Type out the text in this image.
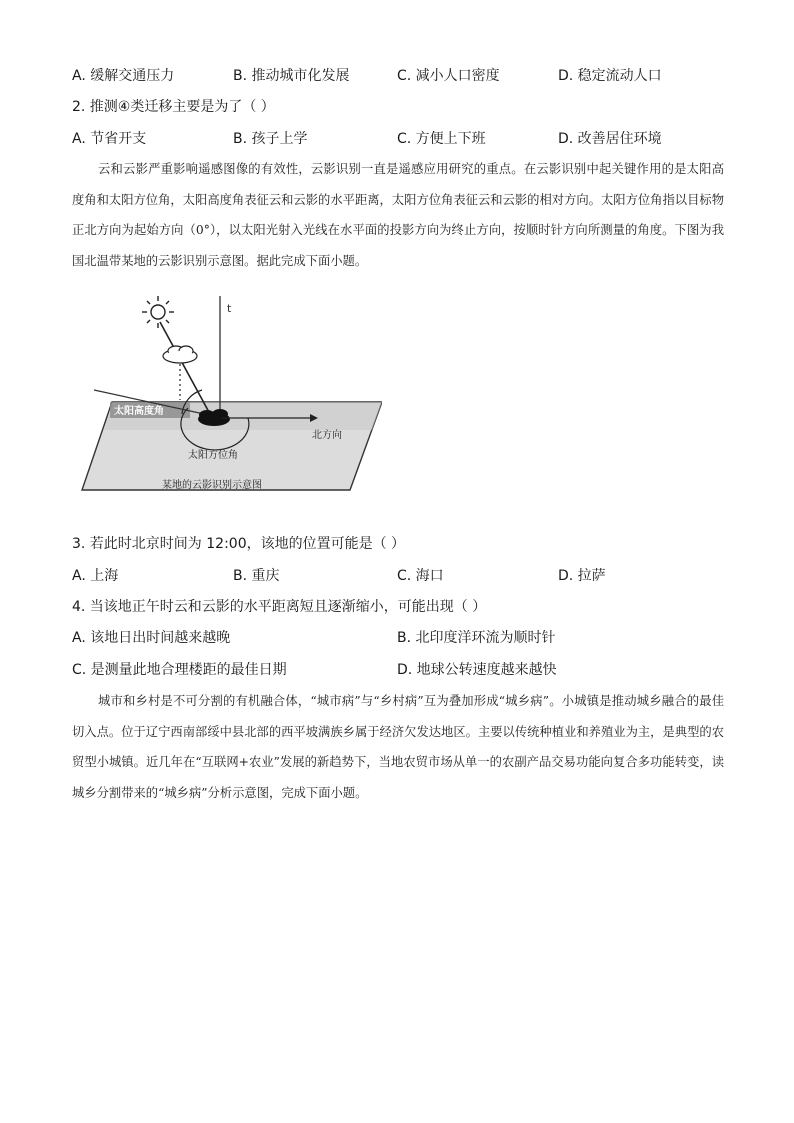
A. 缓解交通压力	B. 推动城市化发展	C. 减小人口密度	D. 稳定流动人口
2. 推测④类迁移主要是为了（ ）
A. 节省开支	B. 孩子上学	C. 方便上下班	D. 改善居住环境
云和云影严重影响遥感图像的有效性，云影识别一直是遥感应用研究的重点。在云影识别中起关键作用的是太阳高度角和太阳方位角，太阳高度角表征云和云影的水平距离，太阳方位角表征云和云影的相对方向。太阳方位角指以目标物正北方向为起始方向（0°），以太阳光射入光线在水平面的投影方向为终止方向，按顺时针方向所测量的角度。下图为我国北温带某地的云影识别示意图。据此完成下面小题。
t
北方向
太阳高度角
太阳方位角
某地的云影识别示意图
3. 若此时北京时间为 12:00，该地的位置可能是（ ）
A. 上海	B. 重庆	C. 海口	D. 拉萨
4. 当该地正午时云和云影的水平距离短且逐渐缩小，可能出现（ ）
A. 该地日出时间越来越晚	B. 北印度洋环流为顺时针
C. 是测量此地合理楼距的最佳日期	D. 地球公转速度越来越快
城市和乡村是不可分割的有机融合体，“城市病”与“乡村病”互为叠加形成“城乡病”。小城镇是推动城乡融合的最佳切入点。位于辽宁西南部绥中县北部的西平坡满族乡属于经济欠发达地区。主要以传统种植业和养殖业为主，是典型的农贸型小城镇。近几年在“互联网+农业”发展的新趋势下，当地农贸市场从单一的农副产品交易功能向复合多功能转变，读城乡分割带来的“城乡病”分析示意图，完成下面小题。
